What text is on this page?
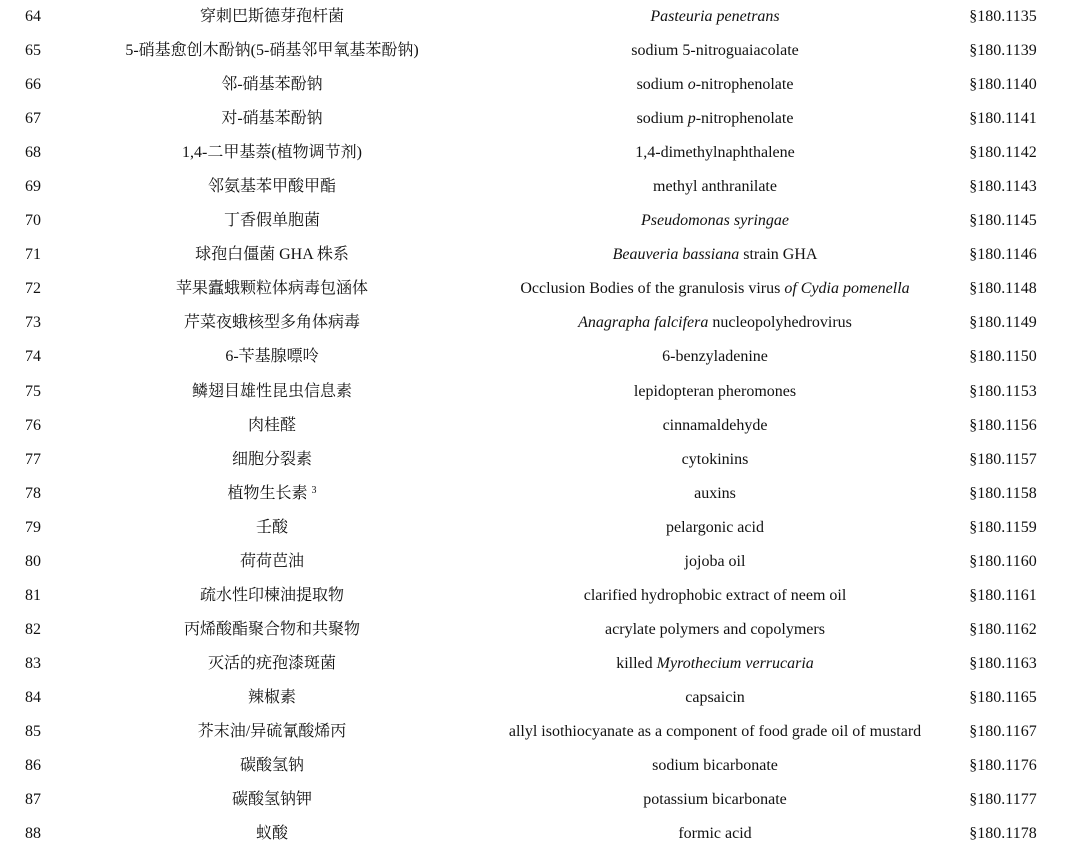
64	穿刺巴斯德芽孢杆菌	Pasteuria penetrans	§180.1135
65	5-硝基愈创木酚钠(5-硝基邻甲氧基苯酚钠)	sodium 5-nitroguaiacolate	§180.1139
66	邻-硝基苯酚钠	sodium o-nitrophenolate	§180.1140
67	对-硝基苯酚钠	sodium p-nitrophenolate	§180.1141
68	1,4-二甲基萘(植物调节剂)	1,4-dimethylnaphthalene	§180.1142
69	邻氨基苯甲酸甲酯	methyl anthranilate	§180.1143
70	丁香假单胞菌	Pseudomonas syringae	§180.1145
71	球孢白僵菌 GHA 株系	Beauveria bassiana strain GHA	§180.1146
72	苹果蠹蛾颗粒体病毒包涵体	Occlusion Bodies of the granulosis virus of Cydia pomenella	§180.1148
73	芹菜夜蛾核型多角体病毒	Anagrapha falcifera nucleopolyhedrovirus	§180.1149
74	6-苄基腺嘌呤	6-benzyladenine	§180.1150
75	鳞翅目雄性昆虫信息素	lepidopteran pheromones	§180.1153
76	肉桂醛	cinnamaldehyde	§180.1156
77	细胞分裂素	cytokinins	§180.1157
78	植物生长素 $^3$	auxins	§180.1158
79	壬酸	pelargonic acid	§180.1159
80	荷荷芭油	jojoba oil	§180.1160
81	疏水性印楝油提取物	clarified hydrophobic extract of neem oil	§180.1161
82	丙烯酸酯聚合物和共聚物	acrylate polymers and copolymers	§180.1162
83	灭活的疣孢漆斑菌	killed Myrothecium verrucaria	§180.1163
84	辣椒素	capsaicin	§180.1165
85	芥末油/异硫氰酸烯丙	allyl isothiocyanate as a component of food grade oil of mustard	§180.1167
86	碳酸氢钠	sodium bicarbonate	§180.1176
87	碳酸氢钠钾	potassium bicarbonate	§180.1177
88	蚁酸	formic acid	§180.1178
